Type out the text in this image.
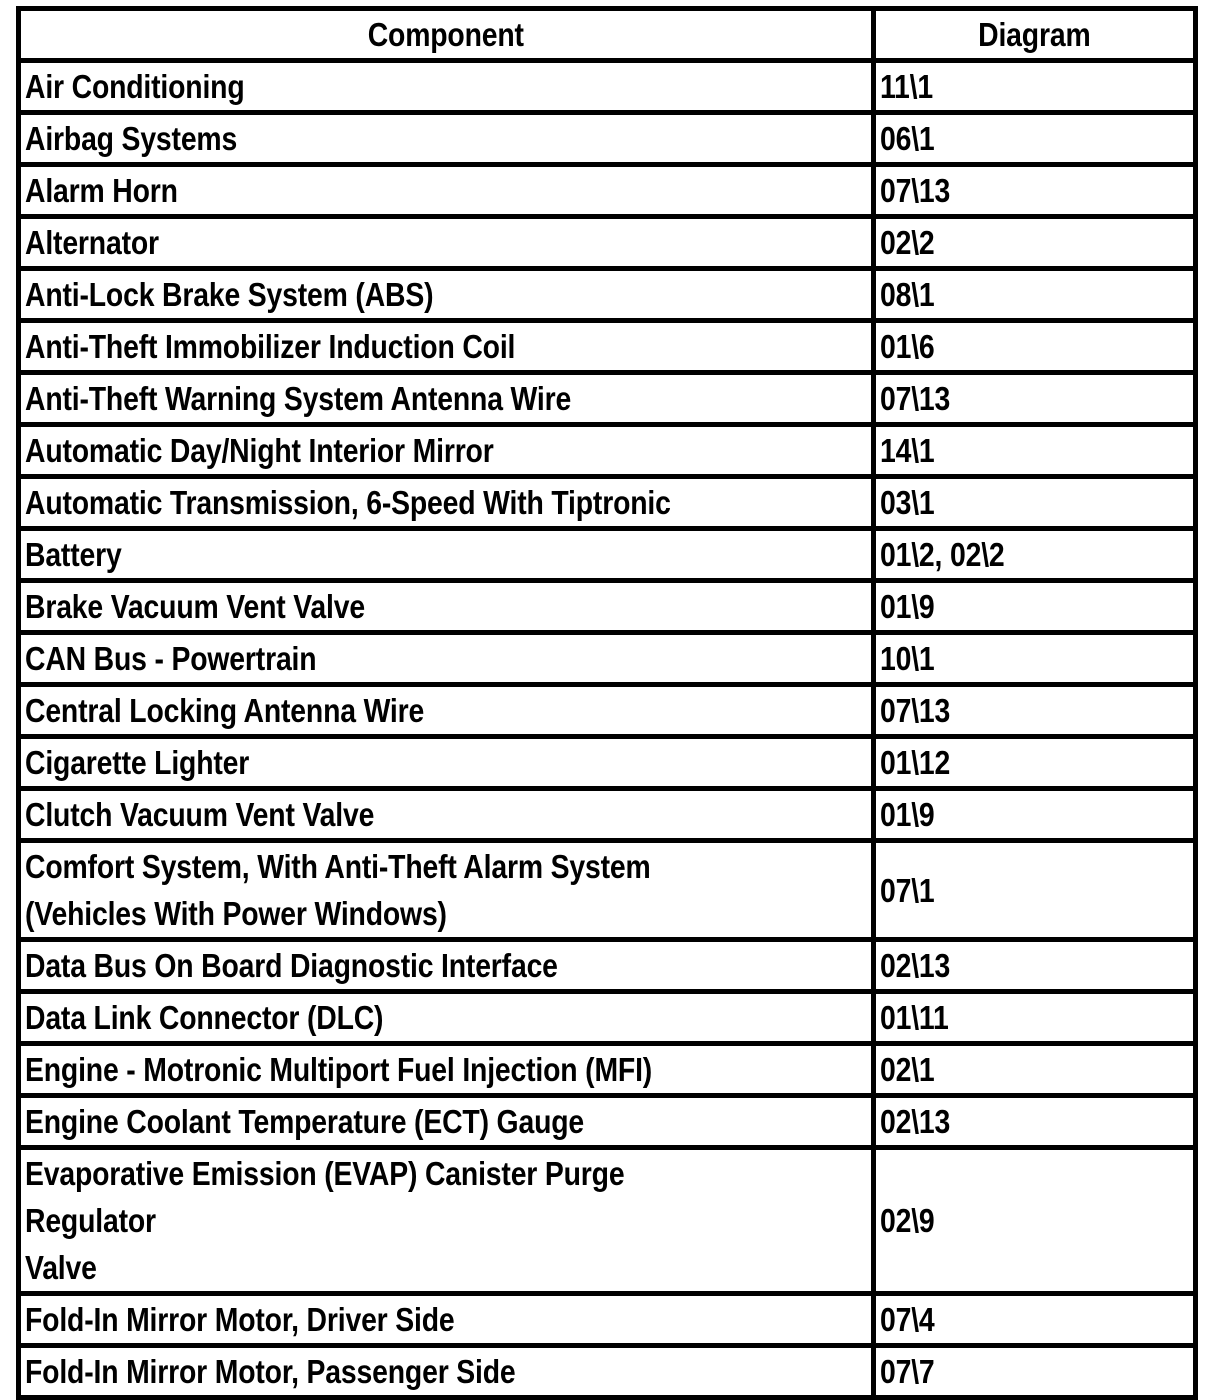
Component	Diagram
Air Conditioning	11\1
Airbag Systems	06\1
Alarm Horn	07\13
Alternator	02\2
Anti-Lock Brake System (ABS)	08\1
Anti-Theft Immobilizer Induction Coil	01\6
Anti-Theft Warning System Antenna Wire	07\13
Automatic Day/Night Interior Mirror	14\1
Automatic Transmission, 6-Speed With Tiptronic	03\1
Battery	01\2, 02\2
Brake Vacuum Vent Valve	01\9
CAN Bus - Powertrain	10\1
Central Locking Antenna Wire	07\13
Cigarette Lighter	01\12
Clutch Vacuum Vent Valve	01\9

Comfort System, With Anti-Theft Alarm System
(Vehicles With Power Windows)	07\1
Data Bus On Board Diagnostic Interface	02\13
Data Link Connector (DLC)	01\11
Engine - Motronic Multiport Fuel Injection (MFI)	02\1
Engine Coolant Temperature (ECT) Gauge	02\13

Evaporative Emission (EVAP) Canister Purge Regulator
Valve	02\9
Fold-In Mirror Motor, Driver Side	07\4
Fold-In Mirror Motor, Passenger Side	07\7
